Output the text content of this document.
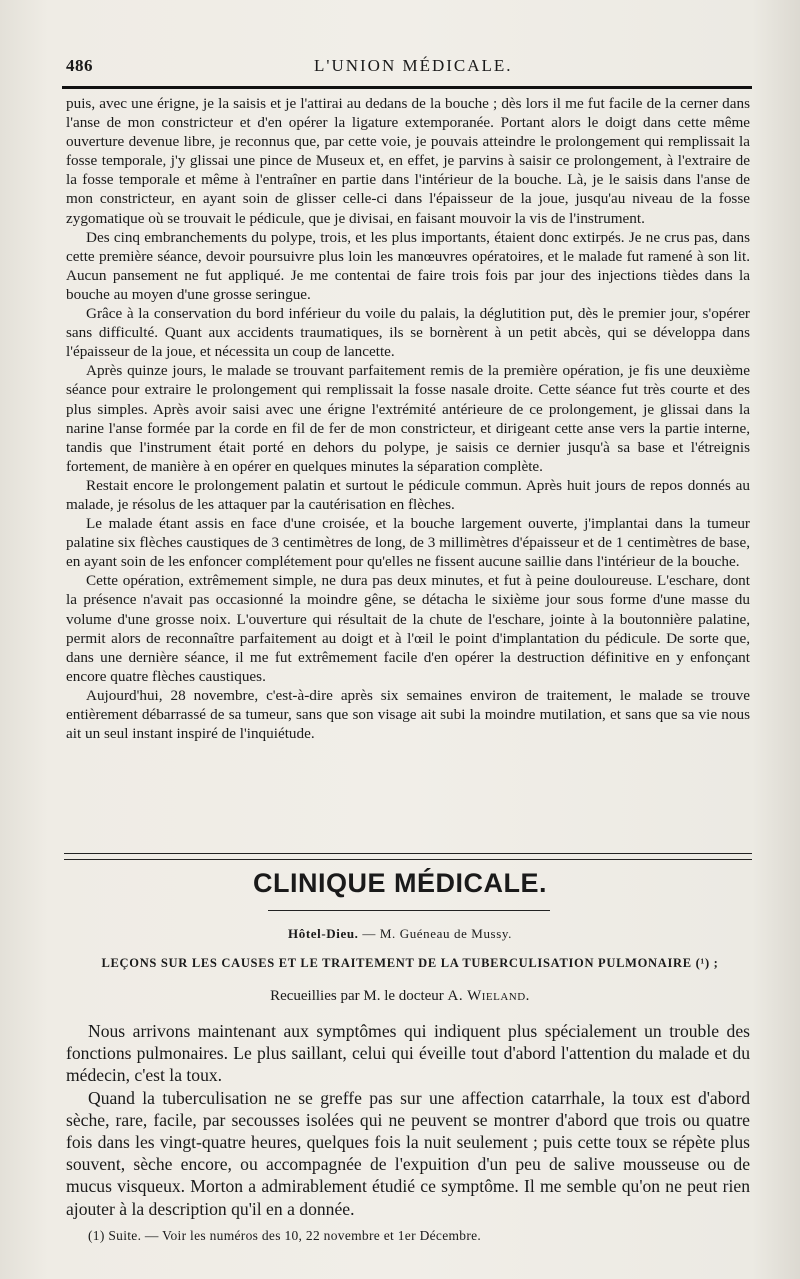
486	L'UNION MÉDICALE.

puis, avec une érigne, je la saisis et je l'attirai au dedans de la bouche ; dès lors il me fut facile de la cerner dans l'anse de mon constricteur et d'en opérer la ligature extemporanée. Portant alors le doigt dans cette même ouverture devenue libre, je reconnus que, par cette voie, je pouvais atteindre le prolongement qui remplissait la fosse temporale, j'y glissai une pince de Museux et, en effet, je parvins à saisir ce prolongement, à l'extraire de la fosse temporale et même à l'entraîner en partie dans l'intérieur de la bouche. Là, je le saisis dans l'anse de mon constricteur, en ayant soin de glisser celle-ci dans l'épaisseur de la joue, jusqu'au niveau de la fosse zygomatique où se trouvait le pédicule, que je divisai, en faisant mouvoir la vis de l'instrument.

Des cinq embranchements du polype, trois, et les plus importants, étaient donc extirpés. Je ne crus pas, dans cette première séance, devoir poursuivre plus loin les manœuvres opératoires, et le malade fut ramené à son lit. Aucun pansement ne fut appliqué. Je me contentai de faire trois fois par jour des injections tièdes dans la bouche au moyen d'une grosse seringue.

Grâce à la conservation du bord inférieur du voile du palais, la déglutition put, dès le premier jour, s'opérer sans difficulté. Quant aux accidents traumatiques, ils se bornèrent à un petit abcès, qui se développa dans l'épaisseur de la joue, et nécessita un coup de lancette.

Après quinze jours, le malade se trouvant parfaitement remis de la première opération, je fis une deuxième séance pour extraire le prolongement qui remplissait la fosse nasale droite. Cette séance fut très courte et des plus simples. Après avoir saisi avec une érigne l'extrémité antérieure de ce prolongement, je glissai dans la narine l'anse formée par la corde en fil de fer de mon constricteur, et dirigeant cette anse vers la partie interne, tandis que l'instrument était porté en dehors du polype, je saisis ce dernier jusqu'à sa base et l'étreignis fortement, de manière à en opérer en quelques minutes la séparation complète.

Restait encore le prolongement palatin et surtout le pédicule commun. Après huit jours de repos donnés au malade, je résolus de les attaquer par la cautérisation en flèches.

Le malade étant assis en face d'une croisée, et la bouche largement ouverte, j'implantai dans la tumeur palatine six flèches caustiques de 3 centimètres de long, de 3 millimètres d'épaisseur et de 1 centimètres de base, en ayant soin de les enfoncer complétement pour qu'elles ne fissent aucune saillie dans l'intérieur de la bouche.

Cette opération, extrêmement simple, ne dura pas deux minutes, et fut à peine douloureuse. L'eschare, dont la présence n'avait pas occasionné la moindre gêne, se détacha le sixième jour sous forme d'une masse du volume d'une grosse noix. L'ouverture qui résultait de la chute de l'eschare, jointe à la boutonnière palatine, permit alors de reconnaître parfaitement au doigt et à l'œil le point d'implantation du pédicule. De sorte que, dans une dernière séance, il me fut extrêmement facile d'en opérer la destruction définitive en y enfonçant encore quatre flèches caustiques.

Aujourd'hui, 28 novembre, c'est-à-dire après six semaines environ de traitement, le malade se trouve entièrement débarrassé de sa tumeur, sans que son visage ait subi la moindre mutilation, et sans que sa vie nous ait un seul instant inspiré de l'inquiétude.

CLINIQUE MÉDICALE.
Hôtel-Dieu. — M. Guéneau de Mussy.
LEÇONS SUR LES CAUSES ET LE TRAITEMENT DE LA TUBERCULISATION PULMONAIRE (¹) ;
Recueillies par M. le docteur A. Wieland.

Nous arrivons maintenant aux symptômes qui indiquent plus spécialement un trouble des fonctions pulmonaires. Le plus saillant, celui qui éveille tout d'abord l'attention du malade et du médecin, c'est la toux.

Quand la tuberculisation ne se greffe pas sur une affection catarrhale, la toux est d'abord sèche, rare, facile, par secousses isolées qui ne peuvent se montrer d'abord que trois ou quatre fois dans les vingt-quatre heures, quelques fois la nuit seulement ; puis cette toux se répète plus souvent, sèche encore, ou accompagnée de l'expuition d'un peu de salive mousseuse ou de mucus visqueux. Morton a admirablement étudié ce symptôme. Il me semble qu'on ne peut rien ajouter à la description qu'il en a donnée.

(1) Suite. — Voir les numéros des 10, 22 novembre et 1er Décembre.
